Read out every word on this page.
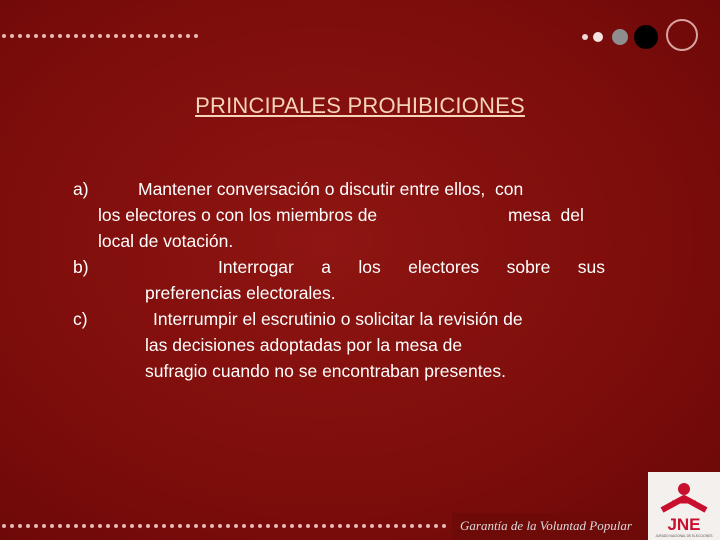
PRINCIPALES PROHIBICIONES
a)	Mantener conversación o discutir entre ellos,  con
los electores o con los miembros de	mesa  del
local de votación.
b)	Interrogar a los electores sobre sus
preferencias electorales.
c)	Interrumpir el escrutinio o solicitar la revisión de
las decisiones adoptadas por la mesa de
sufragio cuando no se encontraban presentes.
Garantía de la Voluntad Popular JNE
JURADO NACIONAL DE ELECCIONES
